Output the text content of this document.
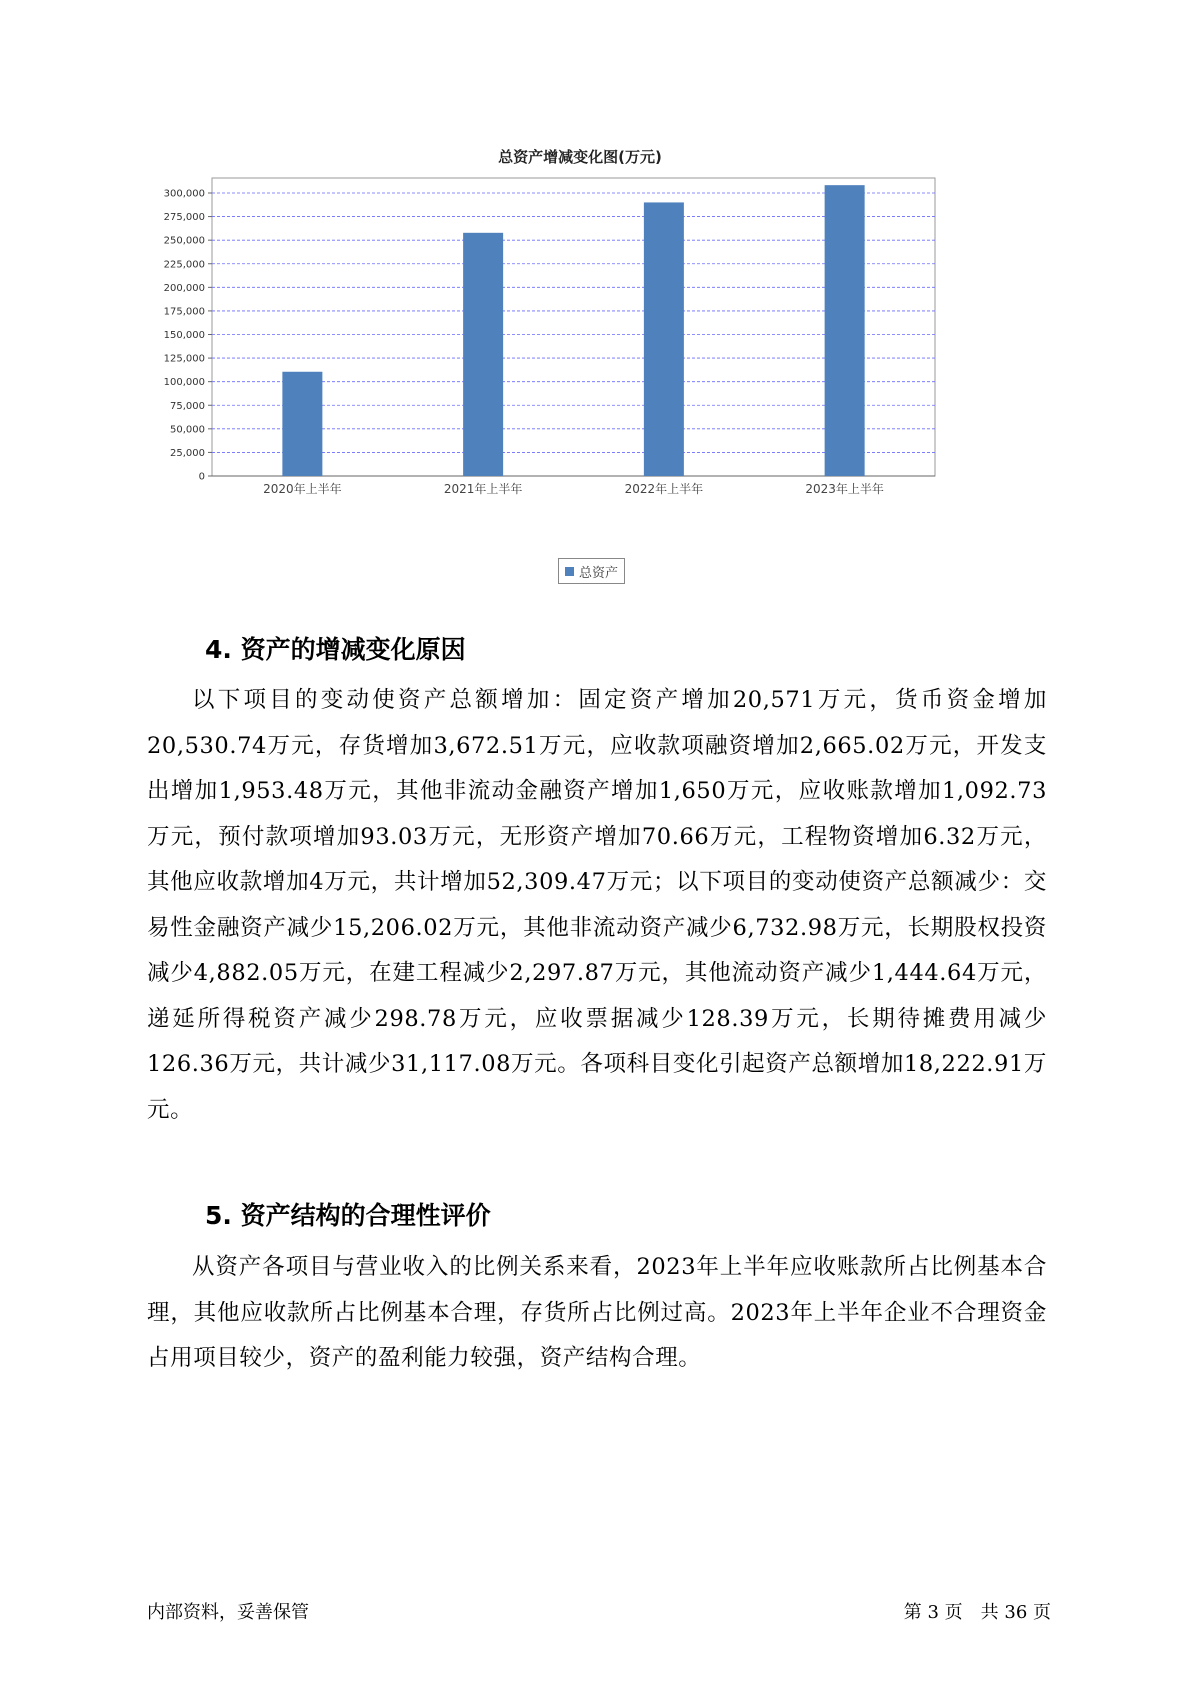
0
25,000
50,000
75,000
100,000
125,000
150,000
175,000
200,000
225,000
250,000
275,000
300,000
2020年上半年	2021年上半年	2022年上半年	2023年上半年
总资产增减变化图(万元)
总资产
4. 资产的增减变化原因

以下项目的变动使资产总额增加：固定资产增加20,571万元，货币资金增加20,530.74万元，存货增加3,672.51万元，应收款项融资增加2,665.02万元，开发支出增加1,953.48万元，其他非流动金融资产增加1,650万元，应收账款增加1,092.73万元，预付款项增加93.03万元，无形资产增加70.66万元，工程物资增加6.32万元，其他应收款增加4万元，共计增加52,309.47万元；以下项目的变动使资产总额减少：交易性金融资产减少15,206.02万元，其他非流动资产减少6,732.98万元，长期股权投资减少4,882.05万元，在建工程减少2,297.87万元，其他流动资产减少1,444.64万元，递延所得税资产减少298.78万元，应收票据减少128.39万元，长期待摊费用减少126.36万元，共计减少31,117.08万元。各项科目变化引起资产总额增加18,222.91万元。

5. 资产结构的合理性评价

从资产各项目与营业收入的比例关系来看，2023年上半年应收账款所占比例基本合理，其他应收款所占比例基本合理，存货所占比例过高。2023年上半年企业不合理资金占用项目较少，资产的盈利能力较强，资产结构合理。

内部资料，妥善保管	第 3 页　共 36 页
